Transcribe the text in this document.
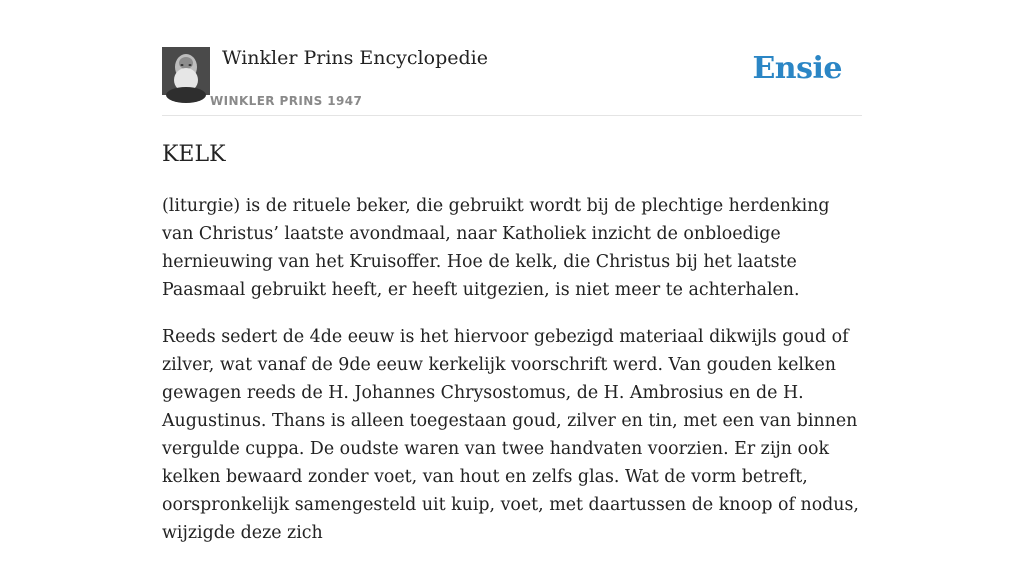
Winkler Prins Encyclopedie
WINKLER PRINS 1947
Ensie
KELK

(liturgie) is de rituele beker, die gebruikt wordt bij de plechtige herdenking van Christus’ laatste avondmaal, naar Katholiek inzicht de onbloedige hernieuwing van het Kruisoffer. Hoe de kelk, die Christus bij het laatste Paasmaal gebruikt heeft, er heeft uitgezien, is niet meer te achterhalen.

Reeds sedert de 4de eeuw is het hiervoor gebezigd materiaal dikwijls goud of zilver, wat vanaf de 9de eeuw kerkelijk voorschrift werd. Van gouden kelken gewagen reeds de H. Johannes Chrysostomus, de H. Ambrosius en de H. Augustinus. Thans is alleen toegestaan goud, zilver en tin, met een van binnen vergulde cuppa. De oudste waren van twee handvaten voorzien. Er zijn ook kelken bewaard zonder voet, van hout en zelfs glas. Wat de vorm betreft, oorspronkelijk samengesteld uit kuip, voet, met daartussen de knoop of nodus, wijzigde deze zich
